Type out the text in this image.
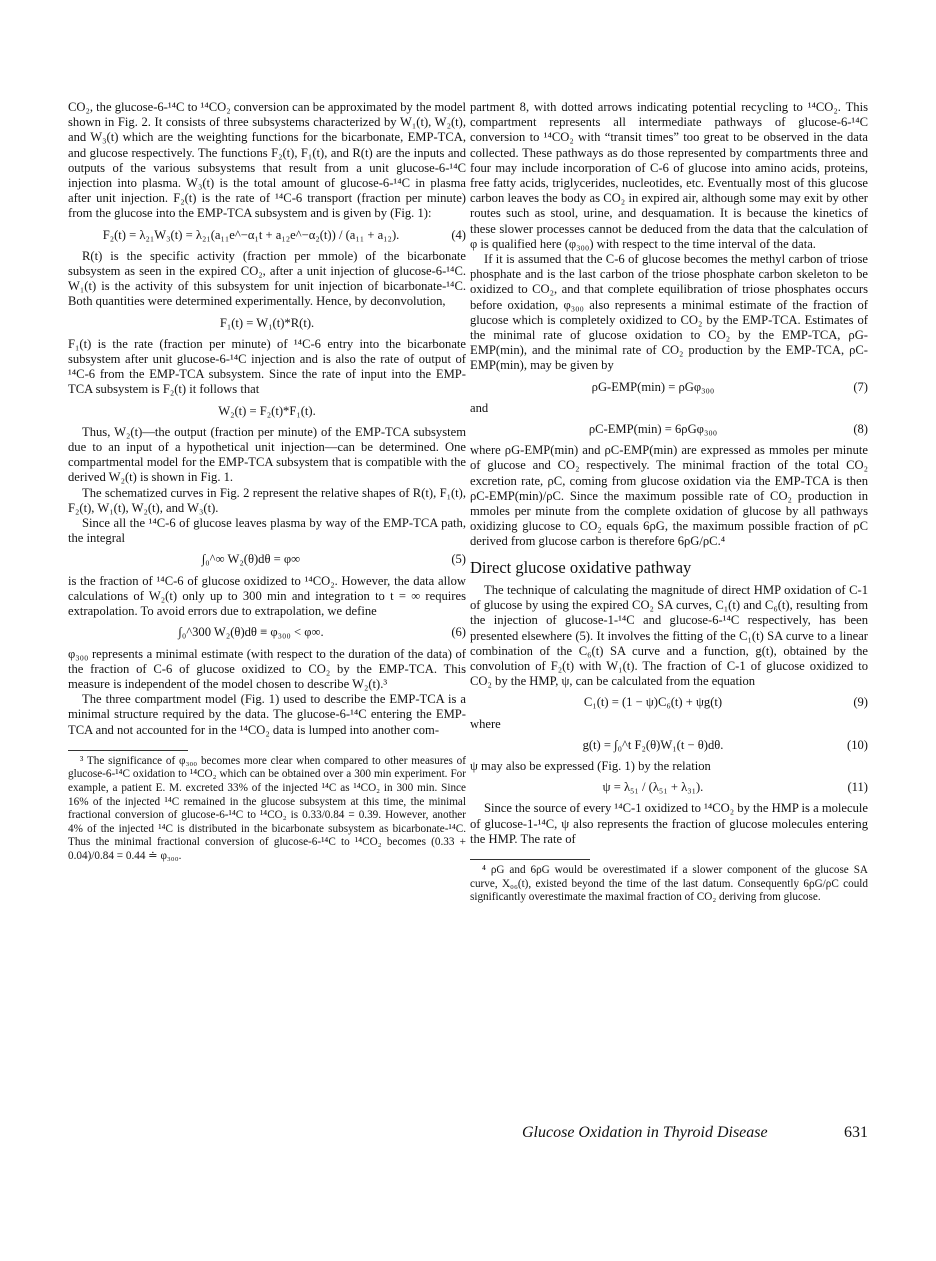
CO₂, the glucose-6-¹⁴C to ¹⁴CO₂ conversion can be approximated by the model shown in Fig. 2. It consists of three subsystems characterized by W₁(t), W₂(t), and W₃(t) which are the weighting functions for the bicarbonate, EMP-TCA, and glucose respectively. The functions F₂(t), F₁(t), and R(t) are the inputs and outputs of the various subsystems that result from a unit glucose-6-¹⁴C injection into plasma. W₃(t) is the total amount of glucose-6-¹⁴C in plasma after unit injection. F₂(t) is the rate of ¹⁴C-6 transport (fraction per minute) from the glucose into the EMP-TCA subsystem and is given by (Fig. 1):

F₂(t) = λ₂₁W₃(t) = λ₂₁(a₁₁e^−α₁t + a₁₂e^−α₂(t)) / (a₁₁ + a₁₂).	(4)

R(t) is the specific activity (fraction per mmole) of the bicarbonate subsystem as seen in the expired CO₂, after a unit injection of glucose-6-¹⁴C. W₁(t) is the activity of this subsystem for unit injection of bicarbonate-¹⁴C. Both quantities were determined experimentally. Hence, by deconvolution,

F₁(t) = W₁(t)*R(t).

F₁(t) is the rate (fraction per minute) of ¹⁴C-6 entry into the bicarbonate subsystem after unit glucose-6-¹⁴C injection and is also the rate of output of ¹⁴C-6 from the EMP-TCA subsystem. Since the rate of input into the EMP-TCA subsystem is F₂(t) it follows that

W₂(t) = F₂(t)*F₁(t).

Thus, W₂(t)—the output (fraction per minute) of the EMP-TCA subsystem due to an input of a hypothetical unit injection—can be determined. One compartmental model for the EMP-TCA subsystem that is compatible with the derived W₂(t) is shown in Fig. 1.

The schematized curves in Fig. 2 represent the relative shapes of R(t), F₁(t), F₂(t), W₁(t), W₂(t), and W₃(t).

Since all the ¹⁴C-6 of glucose leaves plasma by way of the EMP-TCA path, the integral

∫₀^∞ W₂(θ)dθ = φ∞	(5)

is the fraction of ¹⁴C-6 of glucose oxidized to ¹⁴CO₂. However, the data allow calculations of W₂(t) only up to 300 min and integration to t = ∞ requires extrapolation. To avoid errors due to extrapolation, we define

∫₀^300 W₂(θ)dθ ≡ φ₃₀₀ < φ∞.	(6)

φ₃₀₀ represents a minimal estimate (with respect to the duration of the data) of the fraction of C-6 of glucose oxidized to CO₂ by the EMP-TCA. This measure is independent of the model chosen to describe W₂(t).³

The three compartment model (Fig. 1) used to describe the EMP-TCA is a minimal structure required by the data. The glucose-6-¹⁴C entering the EMP-TCA and not accounted for in the ¹⁴CO₂ data is lumped into another com-

³ The significance of φ₃₀₀ becomes more clear when compared to other measures of glucose-6-¹⁴C oxidation to ¹⁴CO₂ which can be obtained over a 300 min experiment. For example, a patient E. M. excreted 33% of the injected ¹⁴C as ¹⁴CO₂ in 300 min. Since 16% of the injected ¹⁴C remained in the glucose subsystem at this time, the minimal fractional conversion of glucose-6-¹⁴C to ¹⁴CO₂ is 0.33/0.84 = 0.39. However, another 4% of the injected ¹⁴C is distributed in the bicarbonate subsystem as bicarbonate-¹⁴C. Thus the minimal fractional conversion of glucose-6-¹⁴C to ¹⁴CO₂ becomes (0.33 + 0.04)/0.84 = 0.44 ≐ φ₃₀₀.

partment 8, with dotted arrows indicating potential recycling to ¹⁴CO₂. This compartment represents all intermediate pathways of glucose-6-¹⁴C conversion to ¹⁴CO₂ with “transit times” too great to be observed in the data collected. These pathways as do those represented by compartments three and four may include incorporation of C-6 of glucose into amino acids, proteins, free fatty acids, triglycerides, nucleotides, etc. Eventually most of this glucose carbon leaves the body as CO₂ in expired air, although some may exit by other routes such as stool, urine, and desquamation. It is because the kinetics of these slower processes cannot be deduced from the data that the calculation of φ is qualified here (φ₃₀₀) with respect to the time interval of the data.

If it is assumed that the C-6 of glucose becomes the methyl carbon of triose phosphate and is the last carbon of the triose phosphate carbon skeleton to be oxidized to CO₂, and that complete equilibration of triose phosphates occurs before oxidation, φ₃₀₀ also represents a minimal estimate of the fraction of glucose which is completely oxidized to CO₂ by the EMP-TCA. Estimates of the minimal rate of glucose oxidation to CO₂ by the EMP-TCA, ρG-EMP(min), and the minimal rate of CO₂ production by the EMP-TCA, ρC-EMP(min), may be given by

ρG-EMP(min) = ρGφ₃₀₀	(7)

and

ρC-EMP(min) = 6ρGφ₃₀₀	(8)

where ρG-EMP(min) and ρC-EMP(min) are expressed as mmoles per minute of glucose and CO₂ respectively. The minimal fraction of the total CO₂ excretion rate, ρC, coming from glucose oxidation via the EMP-TCA is then ρC-EMP(min)/ρC. Since the maximum possible rate of CO₂ production in mmoles per minute from the complete oxidation of glucose by all pathways oxidizing glucose to CO₂ equals 6ρG, the maximum possible fraction of ρC derived from glucose carbon is therefore 6ρG/ρC.⁴

Direct glucose oxidative pathway

The technique of calculating the magnitude of direct HMP oxidation of C-1 of glucose by using the expired CO₂ SA curves, C₁(t) and C₆(t), resulting from the injection of glucose-1-¹⁴C and glucose-6-¹⁴C respectively, has been presented elsewhere (5). It involves the fitting of the C₁(t) SA curve to a linear combination of the C₆(t) SA curve and a function, g(t), obtained by the convolution of F₂(t) with W₁(t). The fraction of C-1 of glucose oxidized to CO₂ by the HMP, ψ, can be calculated from the equation

C₁(t) = (1 − ψ)C₆(t) + ψg(t)	(9)

where

g(t) = ∫₀^t F₂(θ)W₁(t − θ)dθ.	(10)

ψ may also be expressed (Fig. 1) by the relation

ψ = λ₅₁ / (λ₅₁ + λ₃₁).	(11)

Since the source of every ¹⁴C-1 oxidized to ¹⁴CO₂ by the HMP is a molecule of glucose-1-¹⁴C, ψ also represents the fraction of glucose molecules entering the HMP. The rate of

⁴ ρG and 6ρG would be overestimated if a slower component of the glucose SA curve, X₀₆(t), existed beyond the time of the last datum. Consequently 6ρG/ρC could significantly overestimate the maximal fraction of CO₂ deriving from glucose.

Glucose Oxidation in Thyroid Disease	631
